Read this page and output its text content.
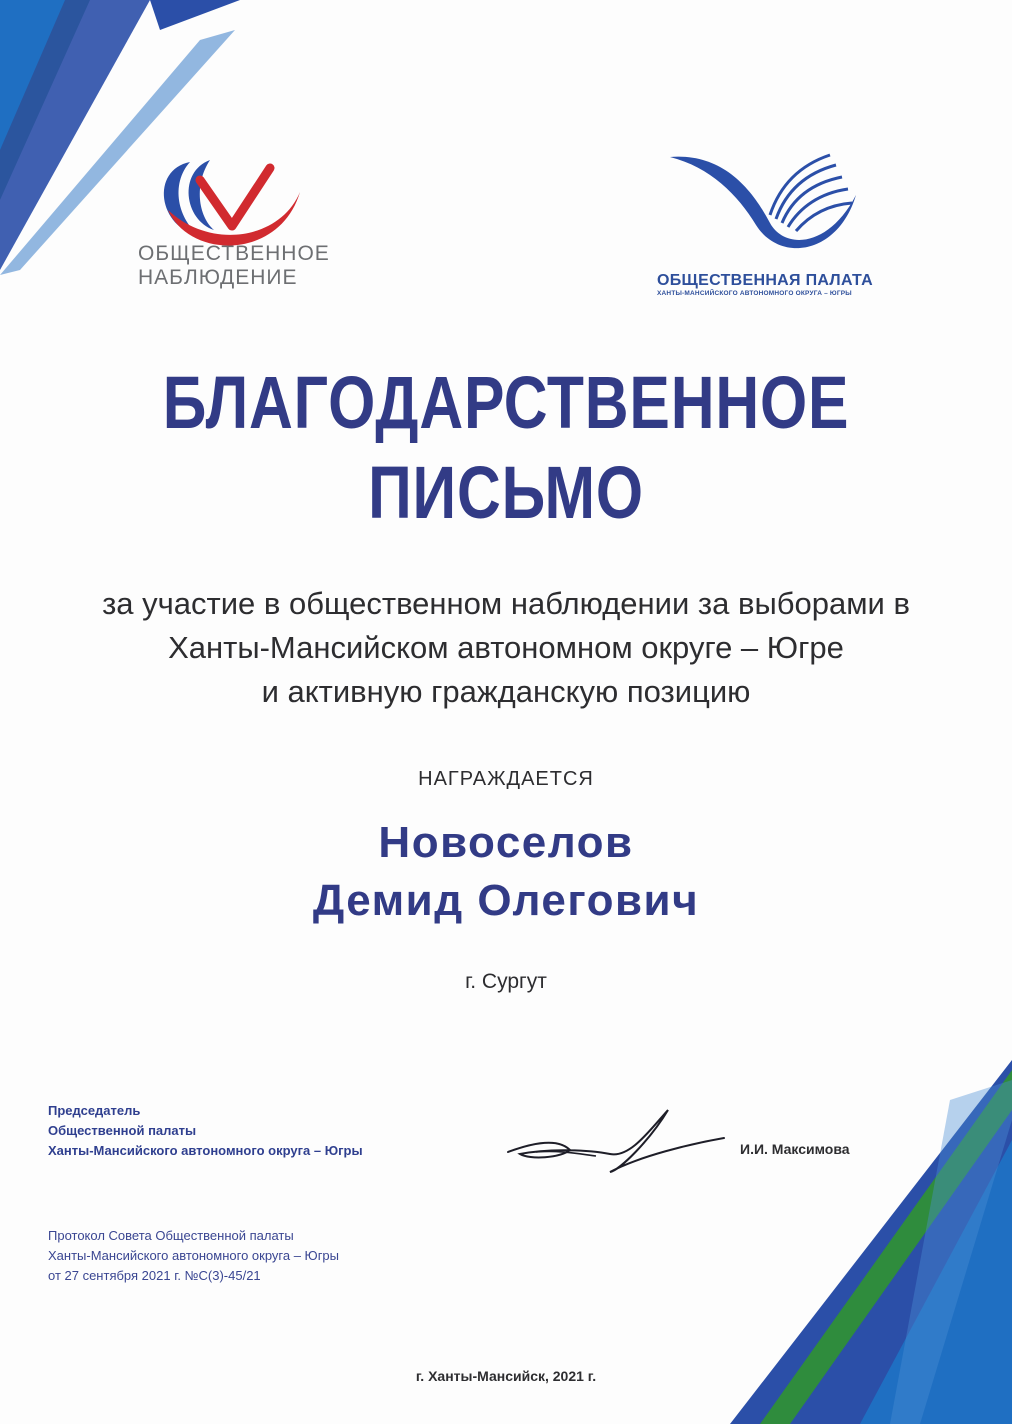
ОБЩЕСТВЕННОЕ
НАБЛЮДЕНИЕ	ОБЩЕСТВЕННАЯ ПАЛАТА
ХАНТЫ-МАНСИЙСКОГО АВТОНОМНОГО ОКРУГА – ЮГРЫ
БЛАГОДАРСТВЕННОЕ
ПИСЬМО
за участие в общественном наблюдении за выборами в
Ханты-Мансийском автономном округе – Югре
и активную гражданскую позицию
НАГРАЖДАЕТСЯ
Новоселов
Демид Олегович
г. Сургут
Председатель
Общественной палаты
Ханты-Мансийского автономного округа – Югры	И.И. Максимова
Протокол Совета Общественной палаты
Ханты-Мансийского автономного округа – Югры
от 27 сентября 2021 г. №С(3)-45/21
г. Ханты-Мансийск, 2021 г.
